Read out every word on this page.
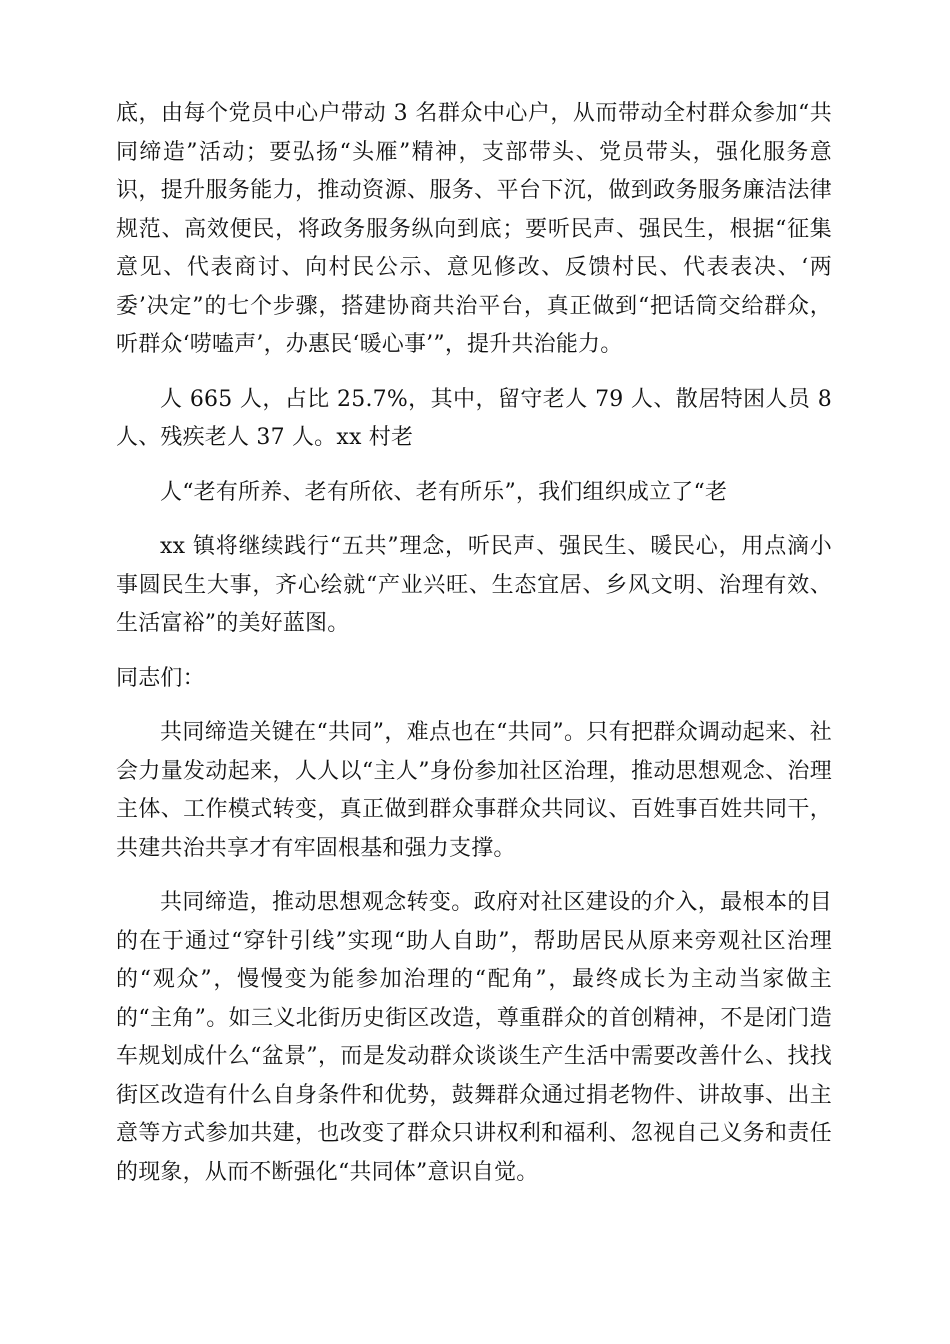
底，由每个党员中心户带动 3 名群众中心户，从而带动全村群众参加“共同缔造”活动；要弘扬“头雁”精神，支部带头、党员带头，强化服务意识，提升服务能力，推动资源、服务、平台下沉，做到政务服务廉洁法律规范、高效便民，将政务服务纵向到底；要听民声、强民生，根据“征集意见、代表商讨、向村民公示、意见修改、反馈村民、代表表决、‘两委’决定”的七个步骤，搭建协商共治平台，真正做到“把话筒交给群众，听群众‘唠嗑声’，办惠民‘暖心事’”，提升共治能力。

人 665 人，占比 25.7%，其中，留守老人 79 人、散居特困人员 8 人、残疾老人 37 人。xx 村老

人“老有所养、老有所依、老有所乐”，我们组织成立了“老

xx 镇将继续践行“五共”理念，听民声、强民生、暖民心，用点滴小事圆民生大事，齐心绘就“产业兴旺、生态宜居、乡风文明、治理有效、生活富裕”的美好蓝图。

同志们：

共同缔造关键在“共同”，难点也在“共同”。只有把群众调动起来、社会力量发动起来，人人以“主人”身份参加社区治理，推动思想观念、治理主体、工作模式转变，真正做到群众事群众共同议、百姓事百姓共同干，共建共治共享才有牢固根基和强力支撑。

共同缔造，推动思想观念转变。政府对社区建设的介入，最根本的目的在于通过“穿针引线”实现“助人自助”，帮助居民从原来旁观社区治理的“观众”，慢慢变为能参加治理的“配角”，最终成长为主动当家做主的“主角”。如三义北街历史街区改造，尊重群众的首创精神，不是闭门造车规划成什么“盆景”，而是发动群众谈谈生产生活中需要改善什么、找找街区改造有什么自身条件和优势，鼓舞群众通过捐老物件、讲故事、出主意等方式参加共建，也改变了群众只讲权利和福利、忽视自己义务和责任的现象，从而不断强化“共同体”意识自觉。
